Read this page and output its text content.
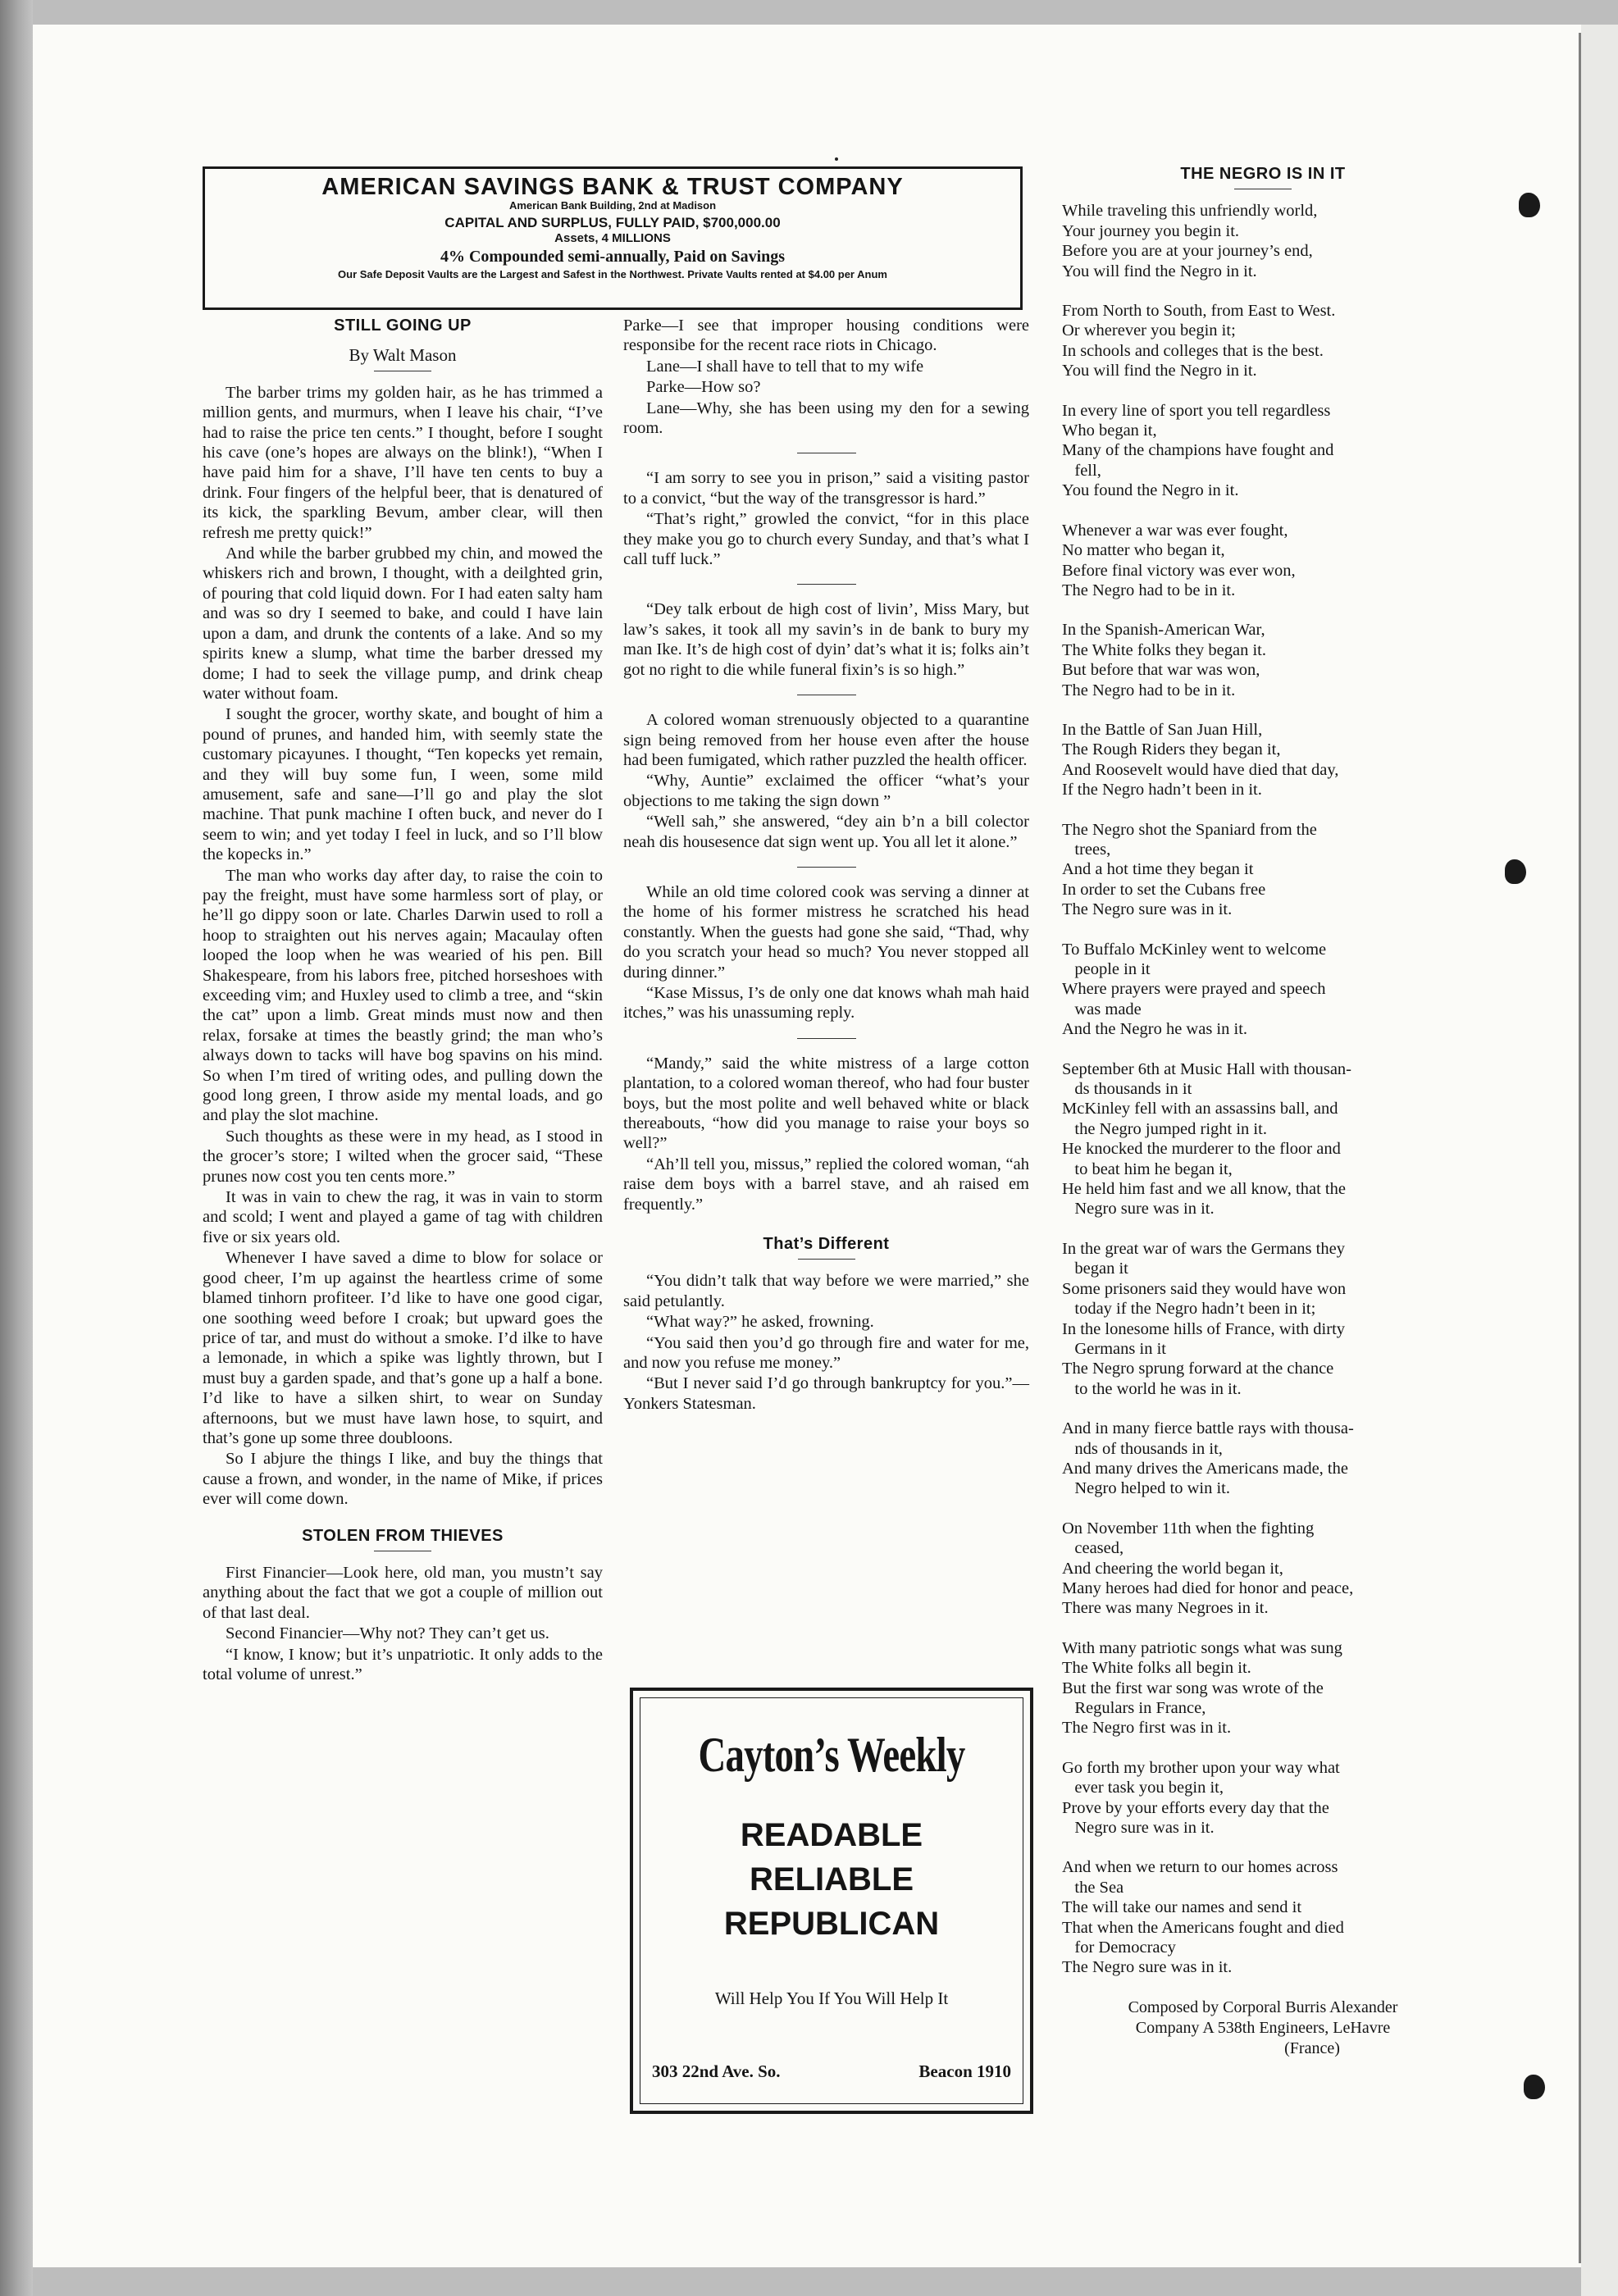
AMERICAN SAVINGS BANK & TRUST COMPANY
American Bank Building, 2nd at Madison
CAPITAL AND SURPLUS, FULLY PAID, $700,000.00
Assets, 4 MILLIONS
4% Compounded semi-annually, Paid on Savings
Our Safe Deposit Vaults are the Largest and Safest in the Northwest. Private Vaults rented at $4.00 per Anum
STILL GOING UP
By Walt Mason

The barber trims my golden hair, as he has trimmed a million gents, and murmurs, when I leave his chair, “I’ve had to raise the price ten cents.” I thought, before I sought his cave (one’s hopes are always on the blink!), “When I have paid him for a shave, I’ll have ten cents to buy a drink. Four fingers of the helpful beer, that is denatured of its kick, the sparkling Bevum, amber clear, will then refresh me pretty quick!”

And while the barber grubbed my chin, and mowed the whiskers rich and brown, I thought, with a deilghted grin, of pouring that cold liquid down. For I had eaten salty ham and was so dry I seemed to bake, and could I have lain upon a dam, and drunk the contents of a lake. And so my spirits knew a slump, what time the barber dressed my dome; I had to seek the village pump, and drink cheap water without foam.

I sought the grocer, worthy skate, and bought of him a pound of prunes, and handed him, with seemly state the customary picayunes. I thought, “Ten kopecks yet remain, and they will buy some fun, I ween, some mild amusement, safe and sane—I’ll go and play the slot machine. That punk machine I often buck, and never do I seem to win; and yet today I feel in luck, and so I’ll blow the kopecks in.”

The man who works day after day, to raise the coin to pay the freight, must have some harmless sort of play, or he’ll go dippy soon or late. Charles Darwin used to roll a hoop to straighten out his nerves again; Macaulay often looped the loop when he was wearied of his pen. Bill Shakespeare, from his labors free, pitched horseshoes with exceeding vim; and Huxley used to climb a tree, and “skin the cat” upon a limb. Great minds must now and then relax, forsake at times the beastly grind; the man who’s always down to tacks will have bog spavins on his mind. So when I’m tired of writing odes, and pulling down the good long green, I throw aside my mental loads, and go and play the slot machine.

Such thoughts as these were in my head, as I stood in the grocer’s store; I wilted when the grocer said, “These prunes now cost you ten cents more.”

It was in vain to chew the rag, it was in vain to storm and scold; I went and played a game of tag with children five or six years old.

Whenever I have saved a dime to blow for solace or good cheer, I’m up against the heartless crime of some blamed tinhorn profiteer. I’d like to have one good cigar, one soothing weed before I croak; but upward goes the price of tar, and must do without a smoke. I’d ilke to have a lemonade, in which a spike was lightly thrown, but I must buy a garden spade, and that’s gone up a half a bone. I’d like to have a silken shirt, to wear on Sunday afternoons, but we must have lawn hose, to squirt, and that’s gone up some three doubloons.

So I abjure the things I like, and buy the things that cause a frown, and wonder, in the name of Mike, if prices ever will come down.

STOLEN FROM THIEVES

First Financier—Look here, old man, you mustn’t say anything about the fact that we got a couple of million out of that last deal.

Second Financier—Why not? They can’t get us.

“I know, I know; but it’s unpatriotic. It only adds to the total volume of unrest.”

Parke—I see that improper housing conditions were responsibe for the recent race riots in Chicago.

Lane—I shall have to tell that to my wife

Parke—How so?

Lane—Why, she has been using my den for a sewing room.

“I am sorry to see you in prison,” said a visiting pastor to a convict, “but the way of the transgressor is hard.”

“That’s right,” growled the convict, “for in this place they make you go to church every Sunday, and that’s what I call tuff luck.”

“Dey talk erbout de high cost of livin’, Miss Mary, but law’s sakes, it took all my savin’s in de bank to bury my man Ike. It’s de high cost of dyin’ dat’s what it is; folks ain’t got no right to die while funeral fixin’s is so high.”

A colored woman strenuously objected to a quarantine sign being removed from her house even after the house had been fumigated, which rather puzzled the health officer.

“Why, Auntie” exclaimed the officer “what’s your objections to me taking the sign down ”

“Well sah,” she answered, “dey ain b’n a bill colector neah dis housesence dat sign went up. You all let it alone.”

While an old time colored cook was serving a dinner at the home of his former mistress he scratched his head constantly. When the guests had gone she said, “Thad, why do you scratch your head so much? You never stopped all during dinner.”

“Kase Missus, I’s de only one dat knows whah mah haid itches,” was his unassuming reply.

“Mandy,” said the white mistress of a large cotton plantation, to a colored woman thereof, who had four buster boys, but the most polite and well behaved white or black thereabouts, “how did you manage to raise your boys so well?”

“Ah’ll tell you, missus,” replied the colored woman, “ah raise dem boys with a barrel stave, and ah raised em frequently.”

That’s Different

“You didn’t talk that way before we were married,” she said petulantly.

“What way?” he asked, frowning.

“You said then you’d go through fire and water for me, and now you refuse me money.”

“But I never said I’d go through bankruptcy for you.”—Yonkers Statesman.

Cayton’s Weekly
READABLE
RELIABLE
REPUBLICAN
Will Help You If You Will Help It
303 22nd Ave. So.	Beacon 1910
THE NEGRO IS IN IT
While traveling this unfriendly world,
Your journey you begin it.
Before you are at your journey’s end,
You will find the Negro in it.
From North to South, from East to West.
Or wherever you begin it;
In schools and colleges that is the best.
You will find the Negro in it.
In every line of sport you tell regardless
Who began it,
Many of the champions have fought and
fell,
You found the Negro in it.
Whenever a war was ever fought,
No matter who began it,
Before final victory was ever won,
The Negro had to be in it.
In the Spanish-American War,
The White folks they began it.
But before that war was won,
The Negro had to be in it.
In the Battle of San Juan Hill,
The Rough Riders they began it,
And Roosevelt would have died that day,
If the Negro hadn’t been in it.
The Negro shot the Spaniard from the
trees,
And a hot time they began it
In order to set the Cubans free
The Negro sure was in it.
To Buffalo McKinley went to welcome
people in it
Where prayers were prayed and speech
was made
And the Negro he was in it.
September 6th at Music Hall with thousan-
ds thousands in it
McKinley fell with an assassins ball, and
the Negro jumped right in it.
He knocked the murderer to the floor and
to beat him he began it,
He held him fast and we all know, that the
Negro sure was in it.
In the great war of wars the Germans they
began it
Some prisoners said they would have won
today if the Negro hadn’t been in it;
In the lonesome hills of France, with dirty
Germans in it
The Negro sprung forward at the chance
to the world he was in it.
And in many fierce battle rays with thousa-
nds of thousands in it,
And many drives the Americans made, the
Negro helped to win it.
On November 11th when the fighting
ceased,
And cheering the world began it,
Many heroes had died for honor and peace,
There was many Negroes in it.
With many patriotic songs what was sung
The White folks all begin it.
But the first war song was wrote of the
Regulars in France,
The Negro first was in it.
Go forth my brother upon your way what
ever task you begin it,
Prove by your efforts every day that the
Negro sure was in it.
And when we return to our homes across
the Sea
The will take our names and send it
That when the Americans fought and died
for Democracy
The Negro sure was in it.
Composed by Corporal Burris Alexander
Company A 538th Engineers, LeHavre
(France)
